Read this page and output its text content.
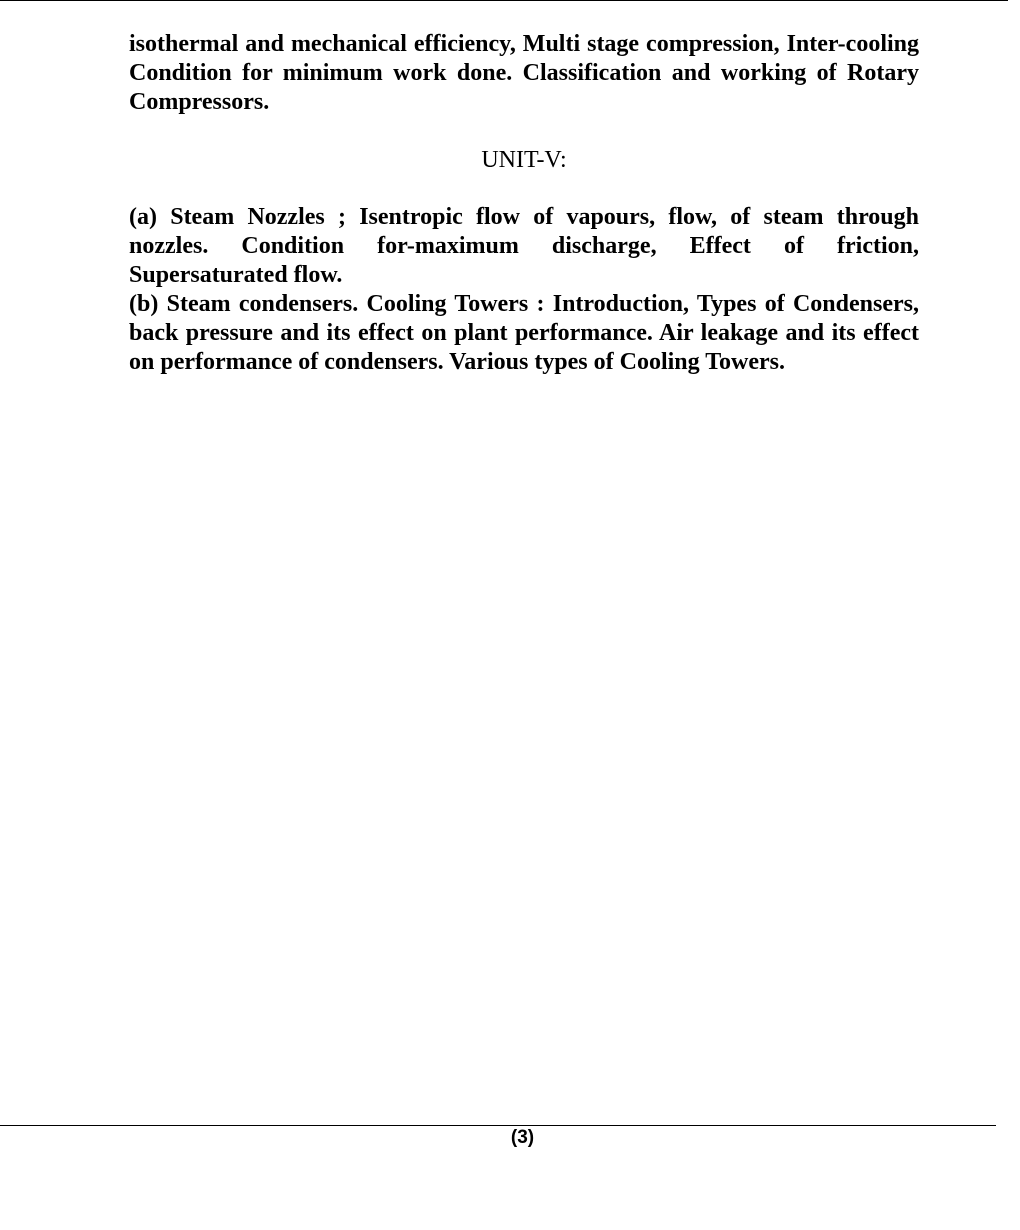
isothermal and mechanical efficiency, Multi stage compression, Inter-cooling Condition for minimum work done. Classification and working of Rotary Compressors.

UNIT-V:

(a) Steam Nozzles ; Isentropic flow of vapours, flow, of steam through nozzles. Condition for-maximum discharge, Effect of friction, Supersaturated flow.

(b) Steam condensers. Cooling Towers : Introduction, Types of Condensers, back pressure and its effect on plant performance. Air leakage and its effect on performance of condensers. Various types of Cooling Towers.

(3)
